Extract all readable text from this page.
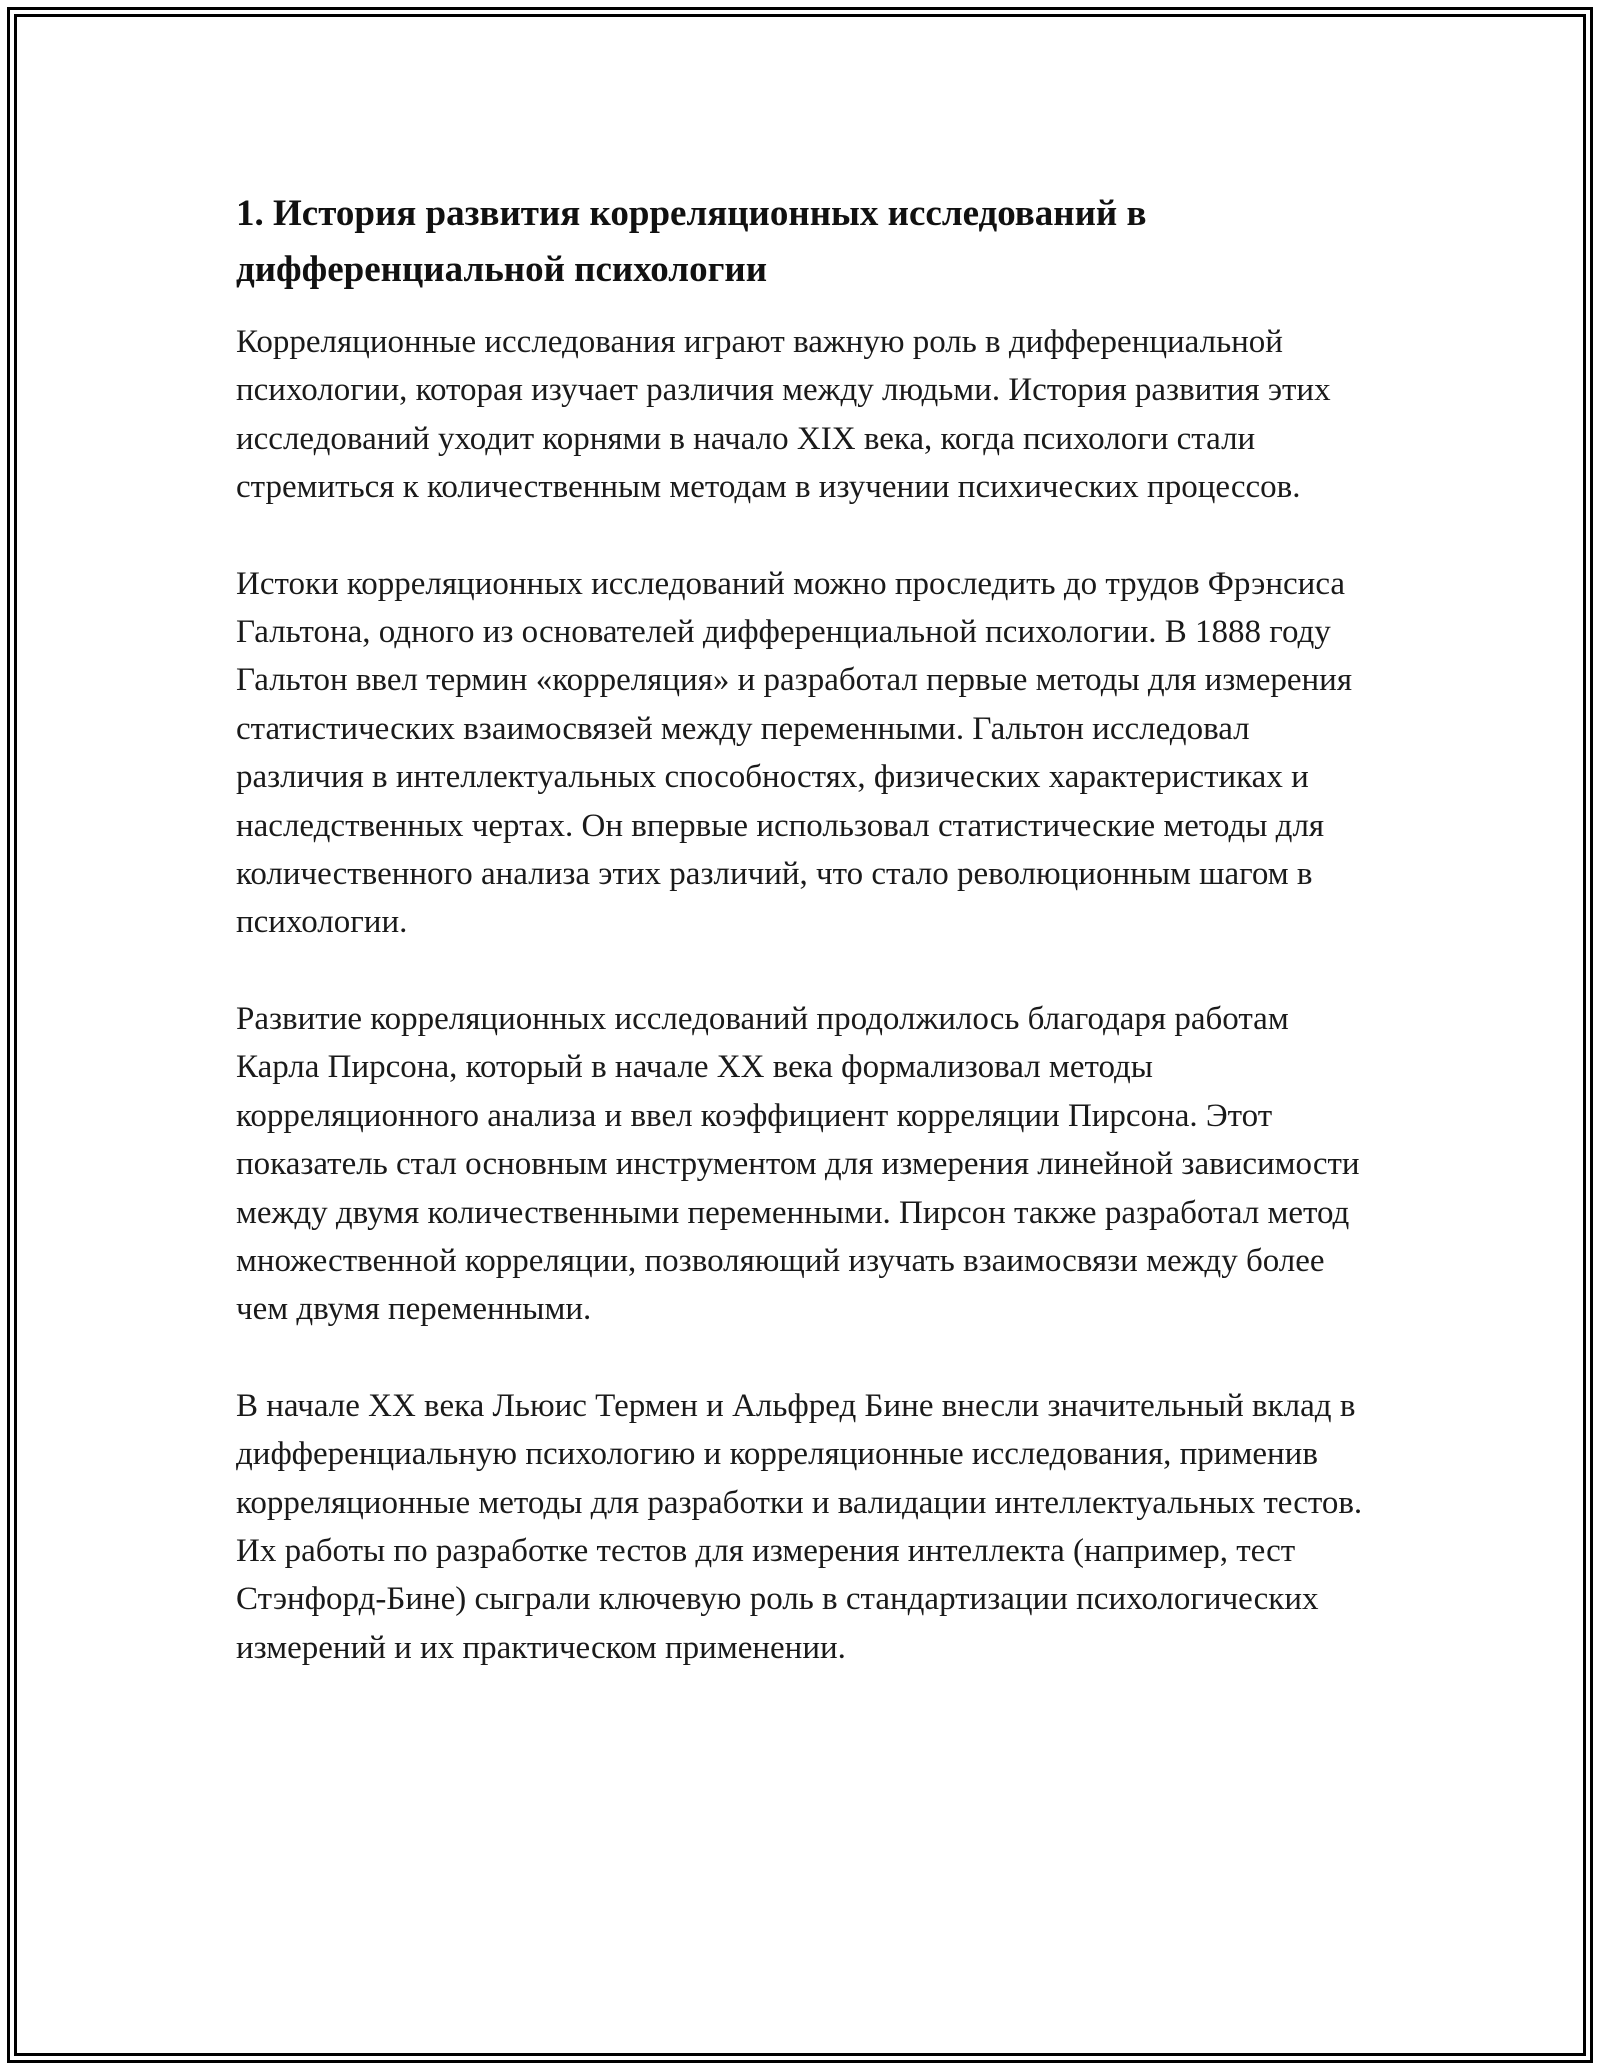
1. История развития корреляционных исследований в дифференциальной психологии

Корреляционные исследования играют важную роль в дифференциальной психологии, которая изучает различия между людьми. История развития этих исследований уходит корнями в начало XIX века, когда психологи стали стремиться к количественным методам в изучении психических процессов.

Истоки корреляционных исследований можно проследить до трудов Фрэнсиса Гальтона, одного из основателей дифференциальной психологии. В 1888 году Гальтон ввел термин «корреляция» и разработал первые методы для измерения статистических взаимосвязей между переменными. Гальтон исследовал различия в интеллектуальных способностях, физических характеристиках и наследственных чертах. Он впервые использовал статистические методы для количественного анализа этих различий, что стало революционным шагом в психологии.

Развитие корреляционных исследований продолжилось благодаря работам Карла Пирсона, который в начале XX века формализовал методы корреляционного анализа и ввел коэффициент корреляции Пирсона. Этот показатель стал основным инструментом для измерения линейной зависимости между двумя количественными переменными. Пирсон также разработал метод множественной корреляции, позволяющий изучать взаимосвязи между более чем двумя переменными.

В начале XX века Льюис Термен и Альфред Бине внесли значительный вклад в дифференциальную психологию и корреляционные исследования, применив корреляционные методы для разработки и валидации интеллектуальных тестов. Их работы по разработке тестов для измерения интеллекта (например, тест Стэнфорд-Бине) сыграли ключевую роль в стандартизации психологических измерений и их практическом применении.
